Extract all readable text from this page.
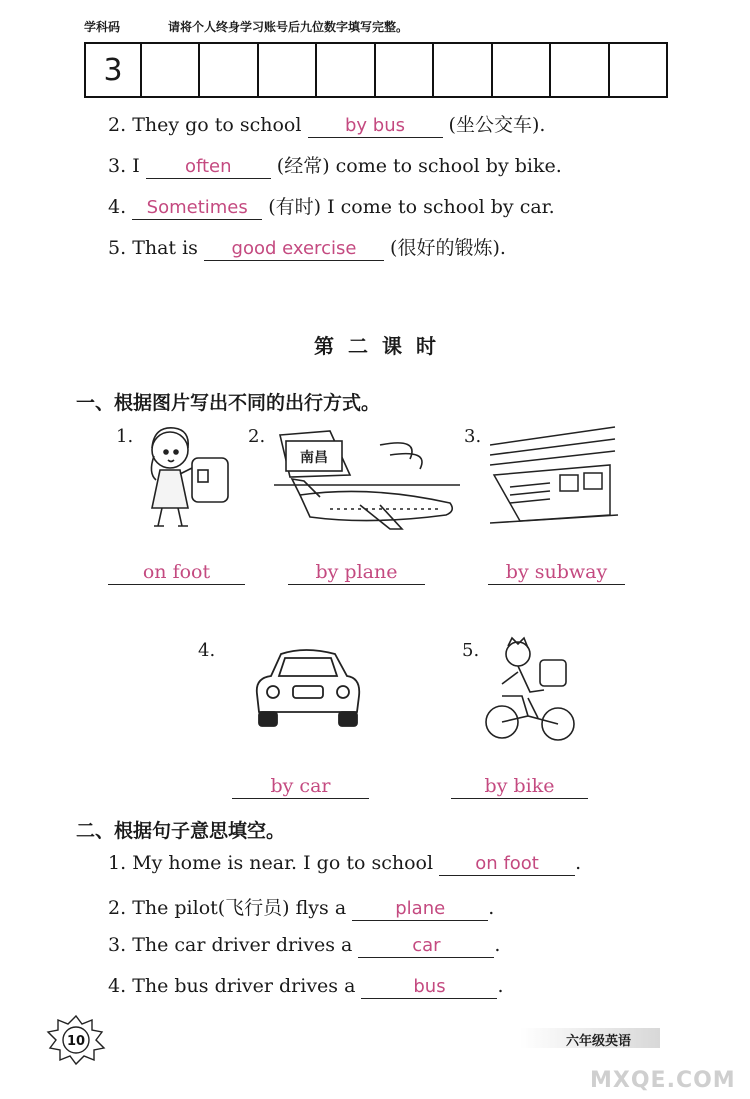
学科码	请将个人终身学习账号后九位数字填写完整。
3
2. They go to school by bus (坐公交车).
3. I	often (经常) come to school by bike.
4. Sometimes (有时) I come to school by car.
5. That is good exercise (很好的锻炼).
第二课时
一、根据图片写出不同的出行方式。
1.	2.	3.
4.	5.
南昌
on foot	by plane	by subway
by car	by bike
二、根据句子意思填空。
1. My home is near. I go to school on foot .
2. The pilot(飞行员) flys a	plane .
3. The car driver drives a	car	.
4. The bus driver drives a	bus	.
10	六年级英语
MXQE.COM
